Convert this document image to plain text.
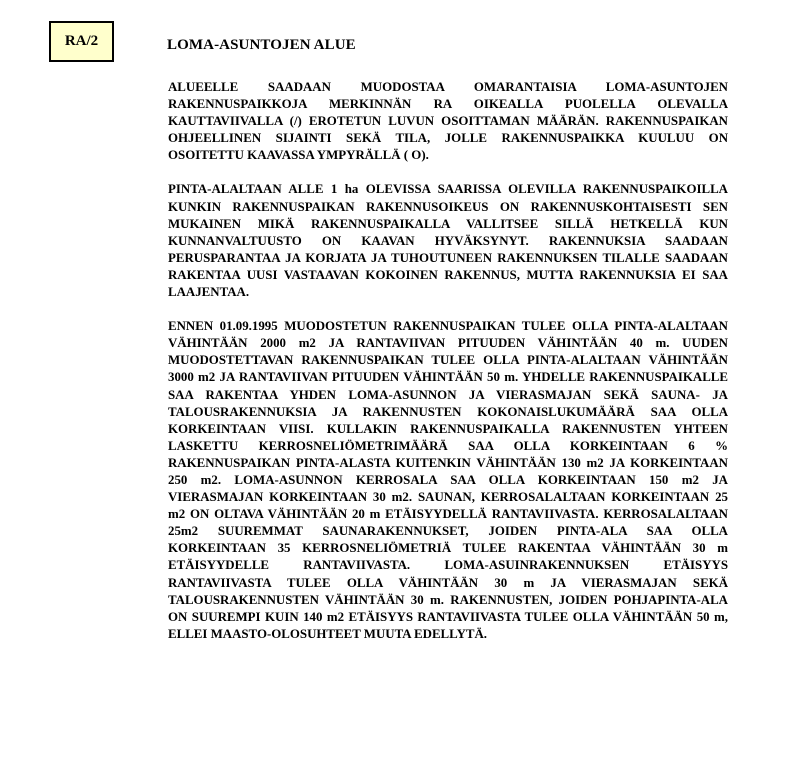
RA/2	LOMA-ASUNTOJEN ALUE

ALUEELLE SAADAAN MUODOSTAA OMARANTAISIA LOMA-ASUNTOJEN RAKENNUSPAIKKOJA MERKINNÄN RA OIKEALLA PUOLELLA OLEVALLA KAUTTAVIIVALLA (/) EROTETUN LUVUN OSOITTAMAN MÄÄRÄN. RAKENNUSPAIKAN OHJEELLINEN SIJAINTI SEKÄ TILA, JOLLE RAKENNUSPAIKKA KUULUU ON OSOITETTU KAAVASSA YMPYRÄLLÄ ( O).

PINTA-ALALTAAN ALLE 1 ha OLEVISSA SAARISSA OLEVILLA RAKENNUSPAIKOILLA KUNKIN RAKENNUSPAIKAN RAKENNUSOIKEUS ON RAKENNUSKOHTAISESTI SEN MUKAINEN MIKÄ RAKENNUSPAIKALLA VALLITSEE SILLÄ HETKELLÄ KUN KUNNANVALTUUSTO ON KAAVAN HYVÄKSYNYT. RAKENNUKSIA SAADAAN PERUSPARANTAA JA KORJATA JA TUHOUTUNEEN RAKENNUKSEN TILALLE SAADAAN RAKENTAA UUSI VASTAAVAN KOKOINEN RAKENNUS, MUTTA RAKENNUKSIA EI SAA LAAJENTAA.

ENNEN 01.09.1995 MUODOSTETUN RAKENNUSPAIKAN TULEE OLLA PINTA-ALALTAAN VÄHINTÄÄN 2000 m2 JA RANTAVIIVAN PITUUDEN VÄHINTÄÄN 40 m. UUDEN MUODOSTETTAVAN RAKENNUSPAIKAN TULEE OLLA PINTA-ALALTAAN VÄHINTÄÄN 3000 m2 JA RANTAVIIVAN PITUUDEN VÄHINTÄÄN 50 m. YHDELLE RAKENNUSPAIKALLE SAA RAKENTAA YHDEN LOMA-ASUNNON JA VIERASMAJAN SEKÄ SAUNA- JA TALOUSRAKENNUKSIA JA RAKENNUSTEN KOKONAISLUKUMÄÄRÄ SAA OLLA KORKEINTAAN VIISI. KULLAKIN RAKENNUSPAIKALLA RAKENNUSTEN YHTEEN LASKETTU KERROSNELIÖMETRIMÄÄRÄ SAA OLLA KORKEINTAAN 6 % RAKENNUSPAIKAN PINTA-ALASTA KUITENKIN VÄHINTÄÄN 130 m2 JA KORKEINTAAN 250 m2. LOMA-ASUNNON KERROSALA SAA OLLA KORKEINTAAN 150 m2 JA VIERASMAJAN KORKEINTAAN 30 m2. SAUNAN, KERROSALALTAAN KORKEINTAAN 25 m2 ON OLTAVA VÄHINTÄÄN 20 m ETÄISYYDELLÄ RANTAVIIVASTA. KERROSALALTAAN 25m2 SUUREMMAT SAUNARAKENNUKSET, JOIDEN PINTA-ALA SAA OLLA KORKEINTAAN 35 KERROSNELIÖMETRIÄ TULEE RAKENTAA VÄHINTÄÄN 30 m ETÄISYYDELLE RANTAVIIVASTA. LOMA-ASUINRAKENNUKSEN ETÄISYYS RANTAVIIVASTA TULEE OLLA VÄHINTÄÄN 30 m JA VIERASMAJAN SEKÄ TALOUSRAKENNUSTEN VÄHINTÄÄN 30 m. RAKENNUSTEN, JOIDEN POHJAPINTA-ALA ON SUUREMPI KUIN 140 m2 ETÄISYYS RANTAVIIVASTA TULEE OLLA VÄHINTÄÄN 50 m, ELLEI MAASTO-OLOSUHTEET MUUTA EDELLYTÄ.
